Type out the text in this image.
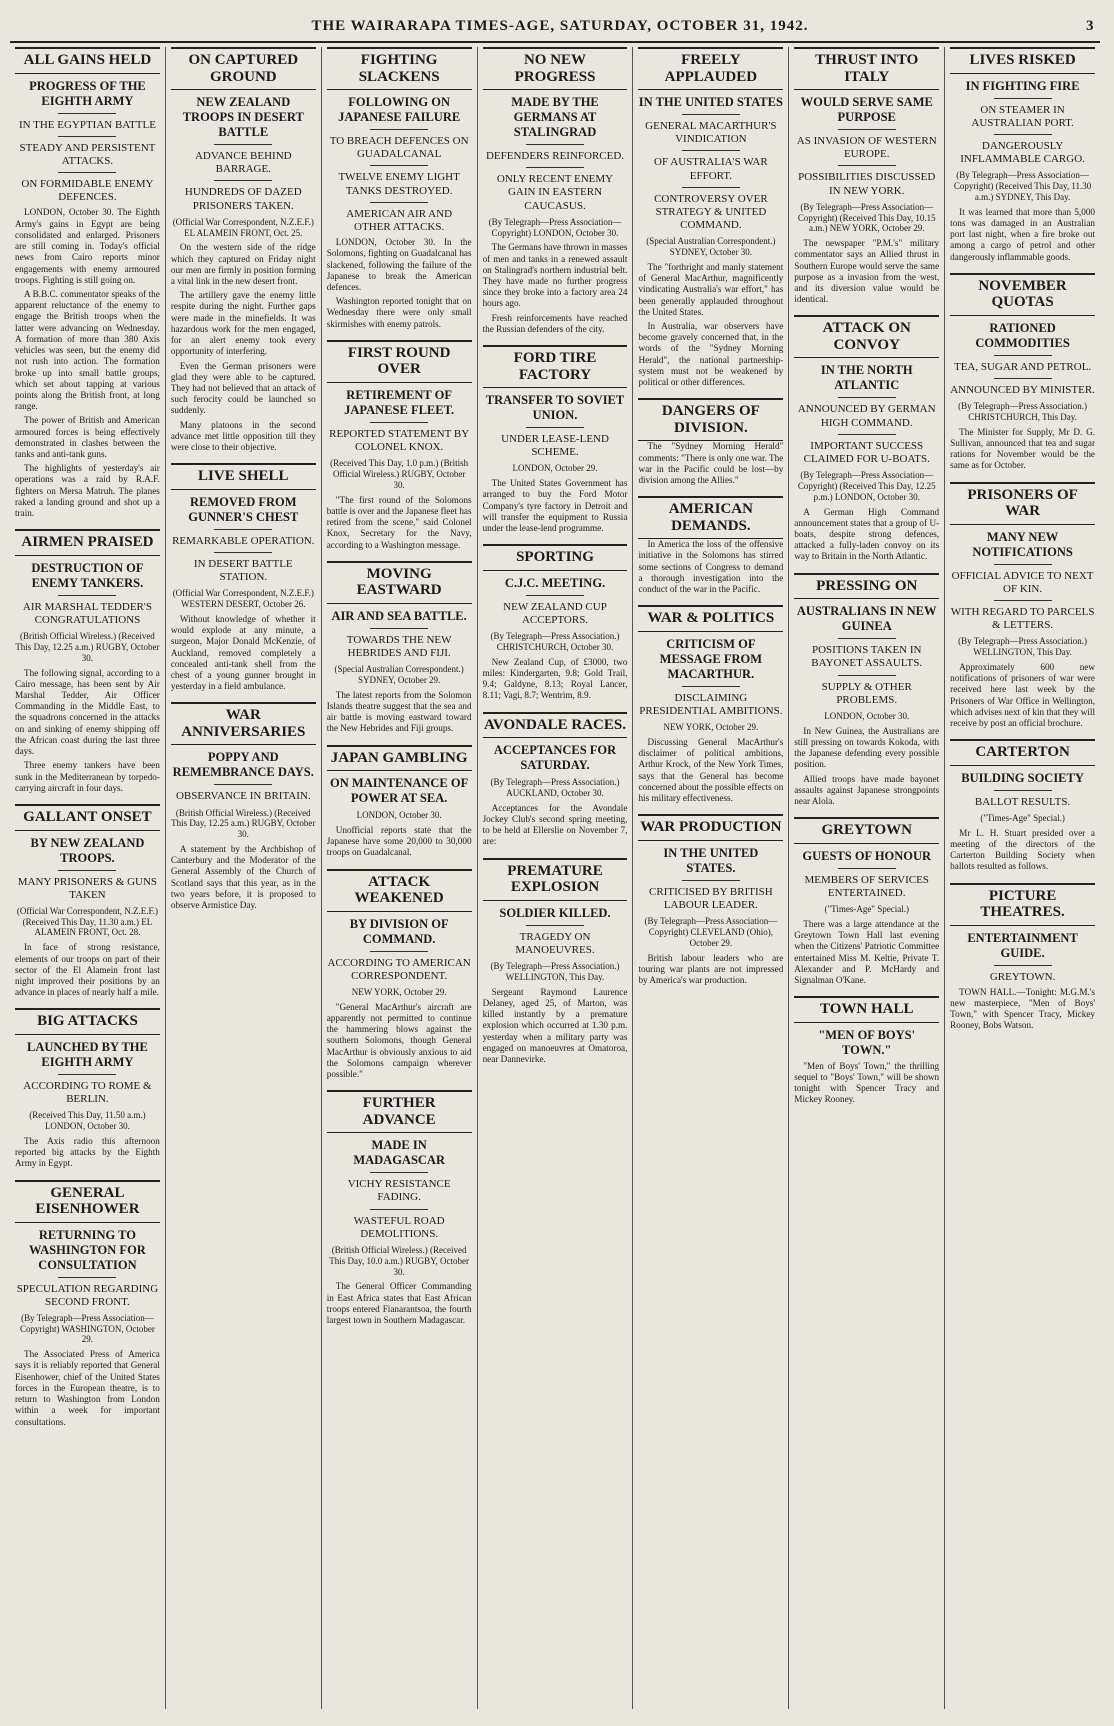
THE WAIRARAPA TIMES-AGE, SATURDAY, OCTOBER 31, 1942.	3
ALL GAINS HELD
PROGRESS OF THE EIGHTH ARMY
IN THE EGYPTIAN BATTLE
STEADY AND PERSISTENT ATTACKS.
ON FORMIDABLE ENEMY DEFENCES.

LONDON, October 30. The Eighth Army's gains in Egypt are being consolidated and enlarged. Prisoners are still coming in. Today's official news from Cairo reports minor engagements with enemy armoured troops. Fighting is still going on.

A B.B.C. commentator speaks of the apparent reluctance of the enemy to engage the British troops when the latter were advancing on Wednesday. A formation of more than 380 Axis vehicles was seen, but the enemy did not rush into action. The formation broke up into small battle groups, which set about tapping at various points along the British front, at long range.

The power of British and American armoured forces is being effectively demonstrated in clashes between the tanks and anti-tank guns.

The highlights of yesterday's air operations was a raid by R.A.F. fighters on Mersa Matruh. The planes raked a landing ground and shot up a train.

AIRMEN PRAISED
DESTRUCTION OF ENEMY TANKERS.
AIR MARSHAL TEDDER'S CONGRATULATIONS
(British Official Wireless.) (Received This Day, 12.25 a.m.) RUGBY, October 30.

The following signal, according to a Cairo message, has been sent by Air Marshal Tedder, Air Officer Commanding in the Middle East, to the squadrons concerned in the attacks on and sinking of enemy shipping off the African coast during the last three days.

Three enemy tankers have been sunk in the Mediterranean by torpedo-carrying aircraft in four days.

GALLANT ONSET
BY NEW ZEALAND TROOPS.
MANY PRISONERS & GUNS TAKEN
(Official War Correspondent, N.Z.E.F.) (Received This Day, 11.30 a.m.) EL ALAMEIN FRONT, Oct. 28.

In face of strong resistance, elements of our troops on part of their sector of the El Alamein front last night improved their positions by an advance in places of nearly half a mile.

BIG ATTACKS
LAUNCHED BY THE EIGHTH ARMY
ACCORDING TO ROME & BERLIN.
(Received This Day, 11.50 a.m.) LONDON, October 30.

The Axis radio this afternoon reported big attacks by the Eighth Army in Egypt.

GENERAL EISENHOWER
RETURNING TO WASHINGTON FOR CONSULTATION
SPECULATION REGARDING SECOND FRONT.
(By Telegraph—Press Association—Copyright) WASHINGTON, October 29.

The Associated Press of America says it is reliably reported that General Eisenhower, chief of the United States forces in the European theatre, is to return to Washington from London within a week for important consultations.

ON CAPTURED GROUND
NEW ZEALAND TROOPS IN DESERT BATTLE
ADVANCE BEHIND BARRAGE.
HUNDREDS OF DAZED PRISONERS TAKEN.
(Official War Correspondent, N.Z.E.F.) EL ALAMEIN FRONT, Oct. 25.

On the western side of the ridge which they captured on Friday night our men are firmly in position forming a vital link in the new desert front.

The artillery gave the enemy little respite during the night. Further gaps were made in the minefields. It was hazardous work for the men engaged, for an alert enemy took every opportunity of interfering.

Even the German prisoners were glad they were able to be captured. They had not believed that an attack of such ferocity could be launched so suddenly.

Many platoons in the second advance met little opposition till they were close to their objective.

LIVE SHELL
REMOVED FROM GUNNER'S CHEST
REMARKABLE OPERATION.
IN DESERT BATTLE STATION.
(Official War Correspondent, N.Z.E.F.) WESTERN DESERT, October 26.

Without knowledge of whether it would explode at any minute, a surgeon, Major Donald McKenzie, of Auckland, removed completely a concealed anti-tank shell from the chest of a young gunner brought in yesterday in a field ambulance.

WAR ANNIVERSARIES
POPPY AND REMEMBRANCE DAYS.
OBSERVANCE IN BRITAIN.
(British Official Wireless.) (Received This Day, 12.25 a.m.) RUGBY, October 30.

A statement by the Archbishop of Canterbury and the Moderator of the General Assembly of the Church of Scotland says that this year, as in the two years before, it is proposed to observe Armistice Day.

FIGHTING SLACKENS
FOLLOWING ON JAPANESE FAILURE
TO BREACH DEFENCES ON GUADALCANAL
TWELVE ENEMY LIGHT TANKS DESTROYED.
AMERICAN AIR AND OTHER ATTACKS.

LONDON, October 30. In the Solomons, fighting on Guadalcanal has slackened, following the failure of the Japanese to break the American defences.

Washington reported tonight that on Wednesday there were only small skirmishes with enemy patrols.

FIRST ROUND OVER
RETIREMENT OF JAPANESE FLEET.
REPORTED STATEMENT BY COLONEL KNOX.
(Received This Day, 1.0 p.m.) (British Official Wireless.) RUGBY, October 30.

"The first round of the Solomons battle is over and the Japanese fleet has retired from the scene," said Colonel Knox, Secretary for the Navy, according to a Washington message.

MOVING EASTWARD
AIR AND SEA BATTLE.
TOWARDS THE NEW HEBRIDES AND FIJI.
(Special Australian Correspondent.) SYDNEY, October 29.

The latest reports from the Solomon Islands theatre suggest that the sea and air battle is moving eastward toward the New Hebrides and Fiji groups.

JAPAN GAMBLING
ON MAINTENANCE OF POWER AT SEA.
LONDON, October 30.

Unofficial reports state that the Japanese have some 20,000 to 30,000 troops on Guadalcanal.

ATTACK WEAKENED
BY DIVISION OF COMMAND.
ACCORDING TO AMERICAN CORRESPONDENT.
NEW YORK, October 29.

"General MacArthur's aircraft are apparently not permitted to continue the hammering blows against the southern Solomons, though General MacArthur is obviously anxious to aid the Solomons campaign wherever possible."

FURTHER ADVANCE
MADE IN MADAGASCAR
VICHY RESISTANCE FADING.
WASTEFUL ROAD DEMOLITIONS.
(British Official Wireless.) (Received This Day, 10.0 a.m.) RUGBY, October 30.

The General Officer Commanding in East Africa states that East African troops entered Fianarantsoa, the fourth largest town in Southern Madagascar.

NO NEW PROGRESS
MADE BY THE GERMANS AT STALINGRAD
DEFENDERS REINFORCED.
ONLY RECENT ENEMY GAIN IN EASTERN CAUCASUS.
(By Telegraph—Press Association—Copyright) LONDON, October 30.

The Germans have thrown in masses of men and tanks in a renewed assault on Stalingrad's northern industrial belt. They have made no further progress since they broke into a factory area 24 hours ago.

Fresh reinforcements have reached the Russian defenders of the city.

FORD TIRE FACTORY
TRANSFER TO SOVIET UNION.
UNDER LEASE-LEND SCHEME.
LONDON, October 29.

The United States Government has arranged to buy the Ford Motor Company's tyre factory in Detroit and will transfer the equipment to Russia under the lease-lend programme.

SPORTING
C.J.C. MEETING.
NEW ZEALAND CUP ACCEPTORS.
(By Telegraph—Press Association.) CHRISTCHURCH, October 30.

New Zealand Cup, of £3000, two miles: Kindergarten, 9.8; Gold Trail, 9.4; Galdyne, 8.13; Royal Lancer, 8.11; Vagi, 8.7; Wentrim, 8.9.

AVONDALE RACES.
ACCEPTANCES FOR SATURDAY.
(By Telegraph—Press Association.) AUCKLAND, October 30.

Acceptances for the Avondale Jockey Club's second spring meeting, to be held at Ellerslie on November 7, are:

PREMATURE EXPLOSION
SOLDIER KILLED.
TRAGEDY ON MANOEUVRES.
(By Telegraph—Press Association.) WELLINGTON, This Day.

Sergeant Raymond Laurence Delaney, aged 25, of Marton, was killed instantly by a premature explosion which occurred at 1.30 p.m. yesterday when a military party was engaged on manoeuvres at Omatoroa, near Dannevirke.

FREELY APPLAUDED
IN THE UNITED STATES
GENERAL MACARTHUR'S VINDICATION
OF AUSTRALIA'S WAR EFFORT.
CONTROVERSY OVER STRATEGY & UNITED COMMAND.
(Special Australian Correspondent.) SYDNEY, October 30.

The "forthright and manly statement of General MacArthur, magnificently vindicating Australia's war effort," has been generally applauded throughout the United States.

In Australia, war observers have become gravely concerned that, in the words of the "Sydney Morning Herald", the national partnership-system must not be weakened by political or other differences.

DANGERS OF DIVISION.

The "Sydney Morning Herald" comments: "There is only one war. The war in the Pacific could be lost—by division among the Allies."

AMERICAN DEMANDS.

In America the loss of the offensive initiative in the Solomons has stirred some sections of Congress to demand a thorough investigation into the conduct of the war in the Pacific.

WAR & POLITICS
CRITICISM OF MESSAGE FROM MACARTHUR.
DISCLAIMING PRESIDENTIAL AMBITIONS.
NEW YORK, October 29.

Discussing General MacArthur's disclaimer of political ambitions, Arthur Krock, of the New York Times, says that the General has become concerned about the possible effects on his military effectiveness.

WAR PRODUCTION
IN THE UNITED STATES.
CRITICISED BY BRITISH LABOUR LEADER.
(By Telegraph—Press Association—Copyright) CLEVELAND (Ohio), October 29.

British labour leaders who are touring war plants are not impressed by America's war production.

THRUST INTO ITALY
WOULD SERVE SAME PURPOSE
AS INVASION OF WESTERN EUROPE.
POSSIBILITIES DISCUSSED IN NEW YORK.
(By Telegraph—Press Association—Copyright) (Received This Day, 10.15 a.m.) NEW YORK, October 29.

The newspaper "P.M.'s" military commentator says an Allied thrust in Southern Europe would serve the same purpose as a invasion from the west, and its diversion value would be identical.

ATTACK ON CONVOY
IN THE NORTH ATLANTIC
ANNOUNCED BY GERMAN HIGH COMMAND.
IMPORTANT SUCCESS CLAIMED FOR U-BOATS.
(By Telegraph—Press Association—Copyright) (Received This Day, 12.25 p.m.) LONDON, October 30.

A German High Command announcement states that a group of U-boats, despite strong defences, attacked a fully-laden convoy on its way to Britain in the North Atlantic.

PRESSING ON
AUSTRALIANS IN NEW GUINEA
POSITIONS TAKEN IN BAYONET ASSAULTS.
SUPPLY & OTHER PROBLEMS.
LONDON, October 30.

In New Guinea, the Australians are still pressing on towards Kokoda, with the Japanese defending every possible position.

Allied troops have made bayonet assaults against Japanese strongpoints near Alola.

GREYTOWN
GUESTS OF HONOUR
MEMBERS OF SERVICES ENTERTAINED.
("Times-Age" Special.)

There was a large attendance at the Greytown Town Hall last evening when the Citizens' Patriotic Committee entertained Miss M. Keltie, Private T. Alexander and P. McHardy and Signalman O'Kane.

TOWN HALL
"MEN OF BOYS' TOWN."

"Men of Boys' Town," the thrilling sequel to "Boys' Town," will be shown tonight with Spencer Tracy and Mickey Rooney.

LIVES RISKED
IN FIGHTING FIRE
ON STEAMER IN AUSTRALIAN PORT.
DANGEROUSLY INFLAMMABLE CARGO.
(By Telegraph—Press Association—Copyright) (Received This Day, 11.30 a.m.) SYDNEY, This Day.

It was learned that more than 5,000 tons was damaged in an Australian port last night, when a fire broke out among a cargo of petrol and other dangerously inflammable goods.

NOVEMBER QUOTAS
RATIONED COMMODITIES
TEA, SUGAR AND PETROL.
ANNOUNCED BY MINISTER.
(By Telegraph—Press Association.) CHRISTCHURCH, This Day.

The Minister for Supply, Mr D. G. Sullivan, announced that tea and sugar rations for November would be the same as for October.

PRISONERS OF WAR
MANY NEW NOTIFICATIONS
OFFICIAL ADVICE TO NEXT OF KIN.
WITH REGARD TO PARCELS & LETTERS.
(By Telegraph—Press Association.) WELLINGTON, This Day.

Approximately 600 new notifications of prisoners of war were received here last week by the Prisoners of War Office in Wellington, which advises next of kin that they will receive by post an official brochure.

CARTERTON
BUILDING SOCIETY
BALLOT RESULTS.
("Times-Age" Special.)

Mr L. H. Stuart presided over a meeting of the directors of the Carterton Building Society when ballots resulted as follows.

PICTURE THEATRES.
ENTERTAINMENT GUIDE.
GREYTOWN.

TOWN HALL.—Tonight: M.G.M.'s new masterpiece, "Men of Boys' Town," with Spencer Tracy, Mickey Rooney, Bobs Watson.
